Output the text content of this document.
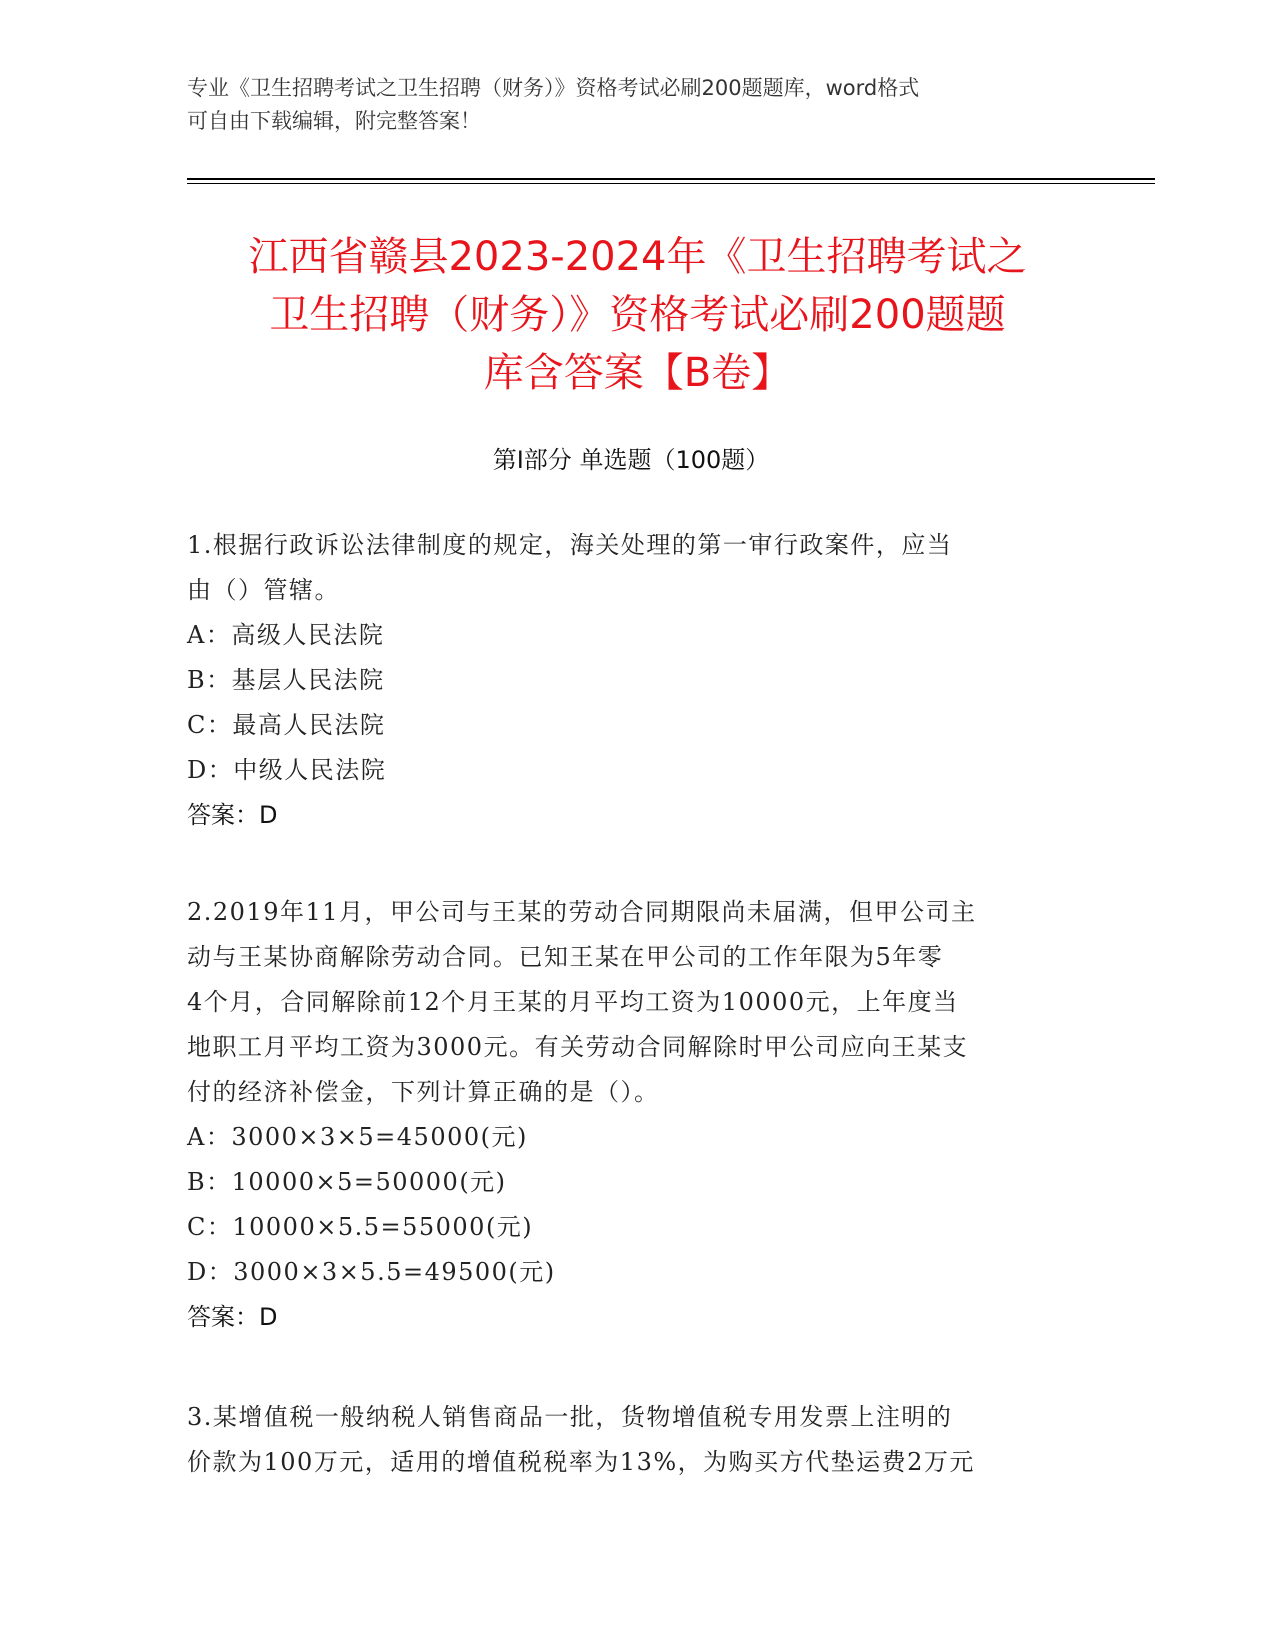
专业《卫生招聘考试之卫生招聘（财务）》资格考试必刷200题题库，word格式
可自由下载编辑，附完整答案！
江西省赣县2023-2024年《卫生招聘考试之
卫生招聘（财务）》资格考试必刷200题题
库含答案【B卷】
第I部分 单选题（100题）
1.根据行政诉讼法律制度的规定，海关处理的第一审行政案件，应当
由（）管辖。
A：高级人民法院
B：基层人民法院
C：最高人民法院
D：中级人民法院
答案：D
2.2019年11月，甲公司与王某的劳动合同期限尚未届满，但甲公司主
动与王某协商解除劳动合同。已知王某在甲公司的工作年限为5年零
4个月，合同解除前12个月王某的月平均工资为10000元，上年度当
地职工月平均工资为3000元。有关劳动合同解除时甲公司应向王某支
付的经济补偿金，下列计算正确的是（）。
A：3000×3×5=45000(元)
B：10000×5=50000(元)
C：10000×5.5=55000(元)
D：3000×3×5.5=49500(元)
答案：D
3.某增值税一般纳税人销售商品一批，货物增值税专用发票上注明的
价款为100万元，适用的增值税税率为13%，为购买方代垫运费2万元
